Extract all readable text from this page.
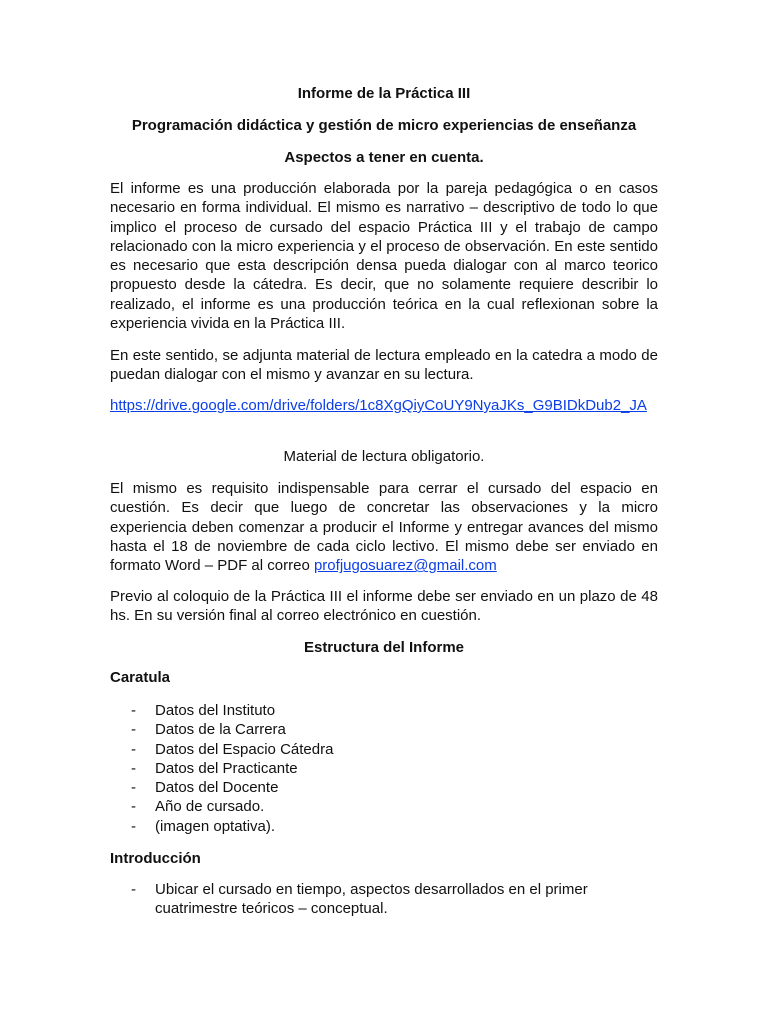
Informe de la Práctica III
Programación didáctica y gestión de micro experiencias de enseñanza
Aspectos a tener en cuenta.
El informe es una producción elaborada por la pareja pedagógica o en casos necesario en forma individual. El mismo es narrativo – descriptivo de todo lo que implico el proceso de cursado del espacio Práctica III y el trabajo de campo relacionado con la micro experiencia y el proceso de observación. En este sentido es necesario que esta descripción densa pueda dialogar con al marco teorico propuesto desde la cátedra. Es decir, que no solamente requiere describir lo realizado, el informe es una producción teórica en la cual reflexionan sobre la experiencia vivida en la Práctica III.
En este sentido, se adjunta material de lectura empleado en la catedra a modo de puedan dialogar con el mismo y avanzar en su lectura.
https://drive.google.com/drive/folders/1c8XgQiyCoUY9NyaJKs_G9BIDkDub2_JA
Material de lectura obligatorio.
El mismo es requisito indispensable para cerrar el cursado del espacio en cuestión. Es decir que luego de concretar las observaciones y la micro experiencia deben comenzar a producir el Informe y entregar avances del mismo hasta el 18 de noviembre de cada ciclo lectivo. El mismo debe ser enviado en formato Word – PDF al correo profjugosuarez@gmail.com
Previo al coloquio de la Práctica III el informe debe ser enviado en un plazo de 48 hs. En su versión final al correo electrónico en cuestión.
Estructura del Informe
Caratula
- Datos del Instituto
- Datos de la Carrera
- Datos del Espacio Cátedra
- Datos del Practicante
- Datos del Docente
- Año de cursado.
- (imagen optativa).
Introducción
- Ubicar el cursado en tiempo, aspectos desarrollados en el primer cuatrimestre teóricos – conceptual.
